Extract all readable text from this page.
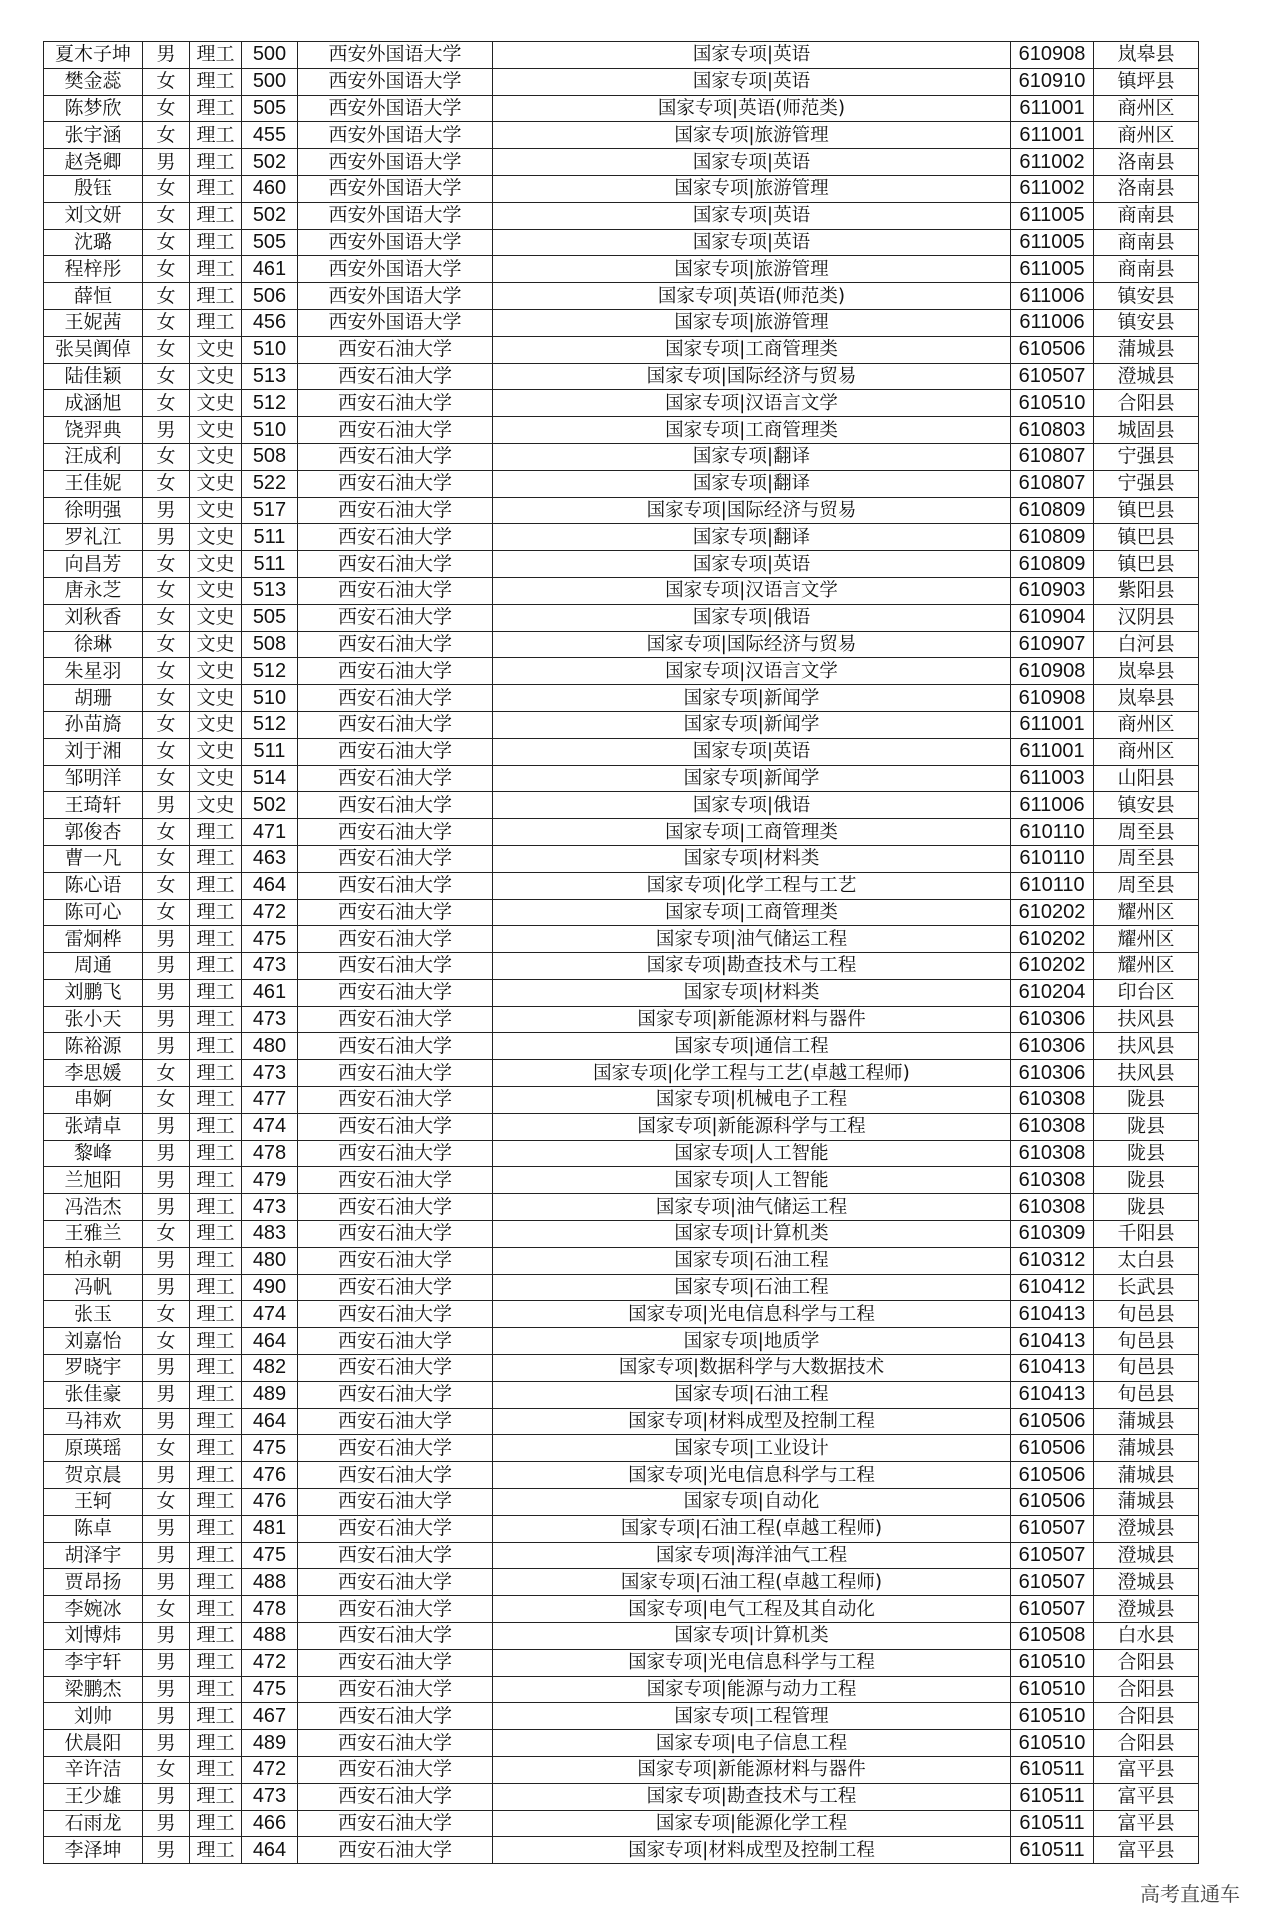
夏木子坤	男	理工	500	西安外国语大学	国家专项|英语	610908	岚皋县
樊金蕊	女	理工	500	西安外国语大学	国家专项|英语	610910	镇坪县
陈梦欣	女	理工	505	西安外国语大学	国家专项|英语(师范类)	611001	商州区
张宇涵	女	理工	455	西安外国语大学	国家专项|旅游管理	611001	商州区
赵尧卿	男	理工	502	西安外国语大学	国家专项|英语	611002	洛南县
殷钰	女	理工	460	西安外国语大学	国家专项|旅游管理	611002	洛南县
刘文妍	女	理工	502	西安外国语大学	国家专项|英语	611005	商南县
沈璐	女	理工	505	西安外国语大学	国家专项|英语	611005	商南县
程梓彤	女	理工	461	西安外国语大学	国家专项|旅游管理	611005	商南县
薛恒	女	理工	506	西安外国语大学	国家专项|英语(师范类)	611006	镇安县
王妮茜	女	理工	456	西安外国语大学	国家专项|旅游管理	611006	镇安县
张吴阗倬	女	文史	510	西安石油大学	国家专项|工商管理类	610506	蒲城县
陆佳颖	女	文史	513	西安石油大学	国家专项|国际经济与贸易	610507	澄城县
成涵旭	女	文史	512	西安石油大学	国家专项|汉语言文学	610510	合阳县
饶羿典	男	文史	510	西安石油大学	国家专项|工商管理类	610803	城固县
汪成利	女	文史	508	西安石油大学	国家专项|翻译	610807	宁强县
王佳妮	女	文史	522	西安石油大学	国家专项|翻译	610807	宁强县
徐明强	男	文史	517	西安石油大学	国家专项|国际经济与贸易	610809	镇巴县
罗礼江	男	文史	511	西安石油大学	国家专项|翻译	610809	镇巴县
向昌芳	女	文史	511	西安石油大学	国家专项|英语	610809	镇巴县
唐永芝	女	文史	513	西安石油大学	国家专项|汉语言文学	610903	紫阳县
刘秋香	女	文史	505	西安石油大学	国家专项|俄语	610904	汉阴县
徐琳	女	文史	508	西安石油大学	国家专项|国际经济与贸易	610907	白河县
朱星羽	女	文史	512	西安石油大学	国家专项|汉语言文学	610908	岚皋县
胡珊	女	文史	510	西安石油大学	国家专项|新闻学	610908	岚皋县
孙苗旖	女	文史	512	西安石油大学	国家专项|新闻学	611001	商州区
刘于湘	女	文史	511	西安石油大学	国家专项|英语	611001	商州区
邹明洋	女	文史	514	西安石油大学	国家专项|新闻学	611003	山阳县
王琦轩	男	文史	502	西安石油大学	国家专项|俄语	611006	镇安县
郭俊杏	女	理工	471	西安石油大学	国家专项|工商管理类	610110	周至县
曹一凡	女	理工	463	西安石油大学	国家专项|材料类	610110	周至县
陈心语	女	理工	464	西安石油大学	国家专项|化学工程与工艺	610110	周至县
陈可心	女	理工	472	西安石油大学	国家专项|工商管理类	610202	耀州区
雷炯桦	男	理工	475	西安石油大学	国家专项|油气储运工程	610202	耀州区
周通	男	理工	473	西安石油大学	国家专项|勘查技术与工程	610202	耀州区
刘鹏飞	男	理工	461	西安石油大学	国家专项|材料类	610204	印台区
张小天	男	理工	473	西安石油大学	国家专项|新能源材料与器件	610306	扶风县
陈裕源	男	理工	480	西安石油大学	国家专项|通信工程	610306	扶风县
李思媛	女	理工	473	西安石油大学	国家专项|化学工程与工艺(卓越工程师)	610306	扶风县
串婀	女	理工	477	西安石油大学	国家专项|机械电子工程	610308	陇县
张靖卓	男	理工	474	西安石油大学	国家专项|新能源科学与工程	610308	陇县
黎峰	男	理工	478	西安石油大学	国家专项|人工智能	610308	陇县
兰旭阳	男	理工	479	西安石油大学	国家专项|人工智能	610308	陇县
冯浩杰	男	理工	473	西安石油大学	国家专项|油气储运工程	610308	陇县
王雅兰	女	理工	483	西安石油大学	国家专项|计算机类	610309	千阳县
柏永朝	男	理工	480	西安石油大学	国家专项|石油工程	610312	太白县
冯帆	男	理工	490	西安石油大学	国家专项|石油工程	610412	长武县
张玉	女	理工	474	西安石油大学	国家专项|光电信息科学与工程	610413	旬邑县
刘嘉怡	女	理工	464	西安石油大学	国家专项|地质学	610413	旬邑县
罗晓宇	男	理工	482	西安石油大学	国家专项|数据科学与大数据技术	610413	旬邑县
张佳豪	男	理工	489	西安石油大学	国家专项|石油工程	610413	旬邑县
马祎欢	男	理工	464	西安石油大学	国家专项|材料成型及控制工程	610506	蒲城县
原瑛瑶	女	理工	475	西安石油大学	国家专项|工业设计	610506	蒲城县
贺京晨	男	理工	476	西安石油大学	国家专项|光电信息科学与工程	610506	蒲城县
王轲	女	理工	476	西安石油大学	国家专项|自动化	610506	蒲城县
陈卓	男	理工	481	西安石油大学	国家专项|石油工程(卓越工程师)	610507	澄城县
胡泽宇	男	理工	475	西安石油大学	国家专项|海洋油气工程	610507	澄城县
贾昂扬	男	理工	488	西安石油大学	国家专项|石油工程(卓越工程师)	610507	澄城县
李婉冰	女	理工	478	西安石油大学	国家专项|电气工程及其自动化	610507	澄城县
刘博炜	男	理工	488	西安石油大学	国家专项|计算机类	610508	白水县
李宇轩	男	理工	472	西安石油大学	国家专项|光电信息科学与工程	610510	合阳县
梁鹏杰	男	理工	475	西安石油大学	国家专项|能源与动力工程	610510	合阳县
刘帅	男	理工	467	西安石油大学	国家专项|工程管理	610510	合阳县
伏晨阳	男	理工	489	西安石油大学	国家专项|电子信息工程	610510	合阳县
辛许洁	女	理工	472	西安石油大学	国家专项|新能源材料与器件	610511	富平县
王少雄	男	理工	473	西安石油大学	国家专项|勘查技术与工程	610511	富平县
石雨龙	男	理工	466	西安石油大学	国家专项|能源化学工程	610511	富平县
李泽坤	男	理工	464	西安石油大学	国家专项|材料成型及控制工程	610511	富平县
高考直通车
